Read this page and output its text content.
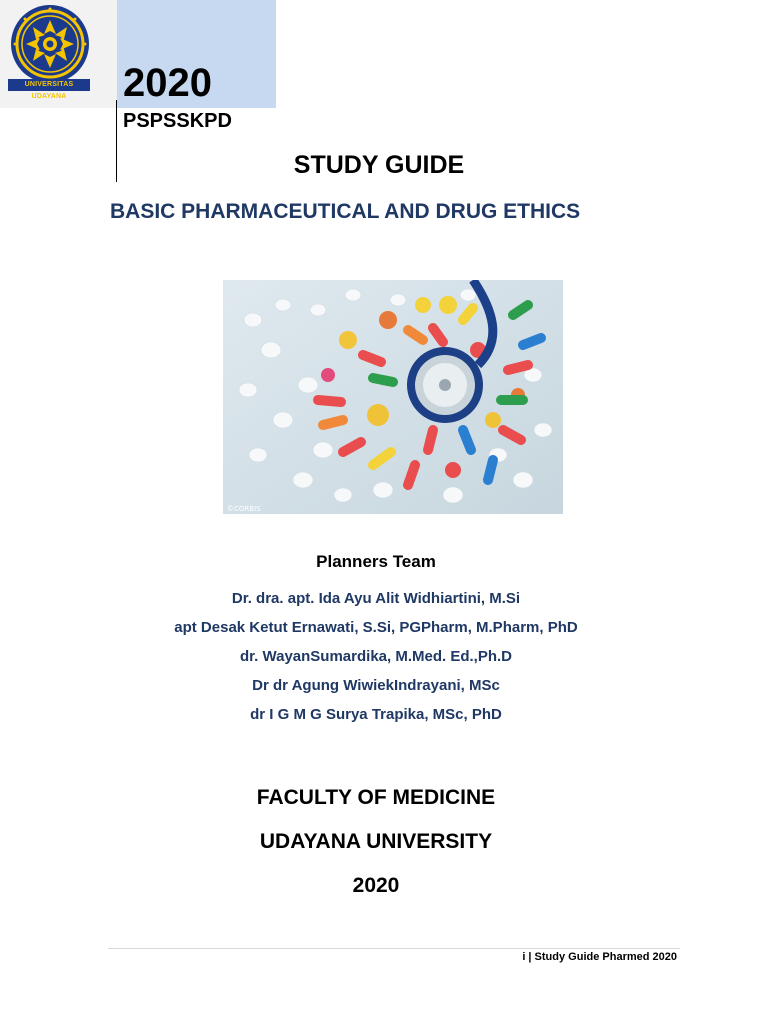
UNIVERSITAS UDAYANA	2020
PSPSSKPD
STUDY GUIDE
BASIC PHARMACEUTICAL AND DRUG ETHICS
©CORBIS
Planners Team
Dr. dra. apt. Ida Ayu Alit Widhiartini, M.Si
apt Desak Ketut Ernawati, S.Si, PGPharm, M.Pharm, PhD
dr. WayanSumardika, M.Med. Ed.,Ph.D
Dr dr Agung WiwiekIndrayani, MSc
dr I G M G Surya Trapika, MSc, PhD
FACULTY OF MEDICINE
UDAYANA UNIVERSITY
2020
i | Study Guide Pharmed 2020
